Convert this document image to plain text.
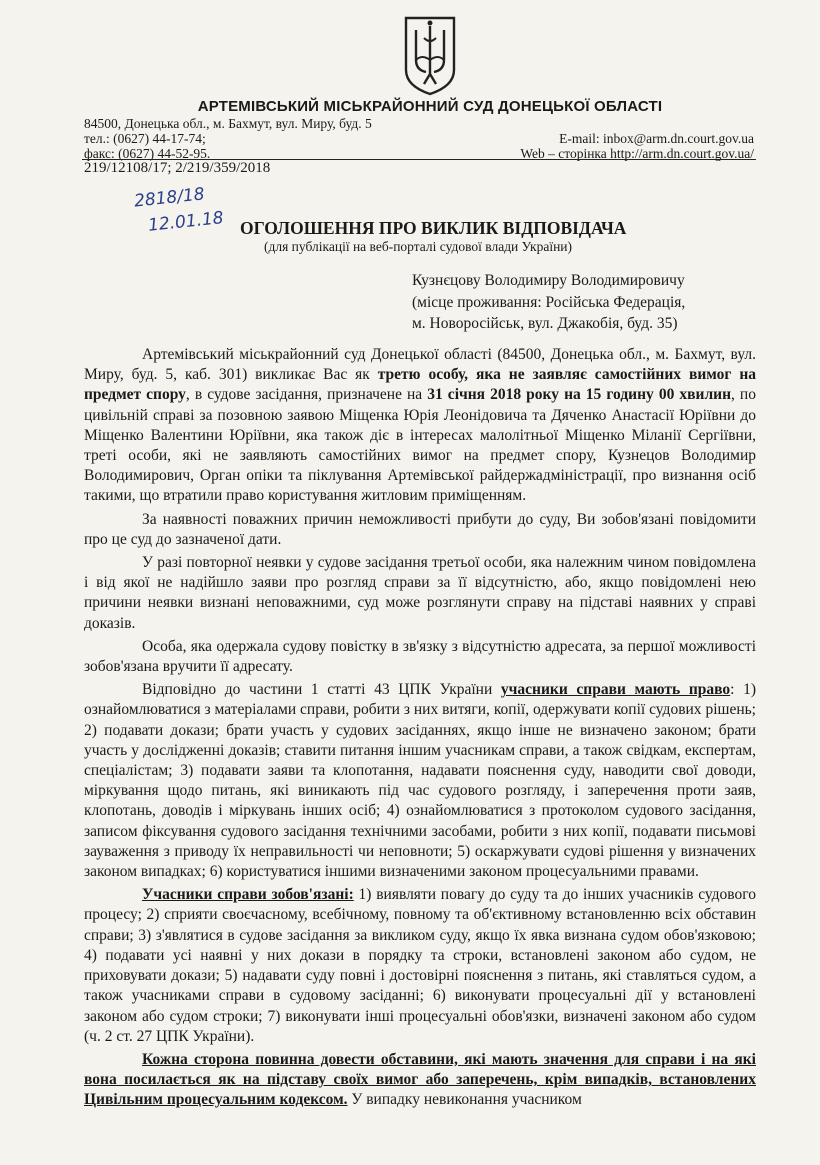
АРТЕМІВСЬКИЙ МІСЬКРАЙОННИЙ СУД ДОНЕЦЬКОЇ ОБЛАСТІ
84500, Донецька обл., м. Бахмут, вул. Миру, буд. 5
тел.: (0627) 44-17-74;
факс: (0627) 44-52-95.
E-mail: inbox@arm.dn.court.gov.ua
Web – сторінка http://arm.dn.court.gov.ua/
219/12108/17; 2/219/359/2018
2818/18
12.01.18 ОГОЛОШЕННЯ ПРО ВИКЛИК ВІДПОВІДАЧА
(для публікації на веб-порталі судової влади України)
Кузнєцову Володимиру Володимировичу
(місце проживання: Російська Федерація,
м. Новоросійськ, вул. Джакобія, буд. 35)

Артемівський міськрайонний суд Донецької області (84500, Донецька обл., м. Бахмут, вул. Миру, буд. 5, каб. 301) викликає Вас як третю особу, яка не заявляє самостійних вимог на предмет спору, в судове засідання, призначене на 31 січня 2018 року на 15 годину 00 хвилин, по цивільній справі за позовною заявою Міщенка Юрія Леонідовича та Дяченко Анастасії Юріївни до Міщенко Валентини Юріївни, яка також діє в інтересах малолітньої Міщенко Міланії Сергіївни, треті особи, які не заявляють самостійних вимог на предмет спору, Кузнецов Володимир Володимирович, Орган опіки та піклування Артемівської райдержадміністрації, про визнання осіб такими, що втратили право користування житловим приміщенням.

За наявності поважних причин неможливості прибути до суду, Ви зобов'язані повідомити про це суд до зазначеної дати.

У разі повторної неявки у судове засідання третьої особи, яка належним чином повідомлена і від якої не надійшло заяви про розгляд справи за її відсутністю, або, якщо повідомлені нею причини неявки визнані неповажними, суд може розглянути справу на підставі наявних у справі доказів.

Особа, яка одержала судову повістку в зв'язку з відсутністю адресата, за першої можливості зобов'язана вручити її адресату.

Відповідно до частини 1 статті 43 ЦПК України учасники справи мають право: 1) ознайомлюватися з матеріалами справи, робити з них витяги, копії, одержувати копії судових рішень; 2) подавати докази; брати участь у судових засіданнях, якщо інше не визначено законом; брати участь у дослідженні доказів; ставити питання іншим учасникам справи, а також свідкам, експертам, спеціалістам; 3) подавати заяви та клопотання, надавати пояснення суду, наводити свої доводи, міркування щодо питань, які виникають під час судового розгляду, і заперечення проти заяв, клопотань, доводів і міркувань інших осіб; 4) ознайомлюватися з протоколом судового засідання, записом фіксування судового засідання технічними засобами, робити з них копії, подавати письмові зауваження з приводу їх неправильності чи неповноти; 5) оскаржувати судові рішення у визначених законом випадках; 6) користуватися іншими визначеними законом процесуальними правами.

Учасники справи зобов'язані: 1) виявляти повагу до суду та до інших учасників судового процесу; 2) сприяти своєчасному, всебічному, повному та об'єктивному встановленню всіх обставин справи; 3) з'являтися в судове засідання за викликом суду, якщо їх явка визнана судом обов'язковою; 4) подавати усі наявні у них докази в порядку та строки, встановлені законом або судом, не приховувати докази; 5) надавати суду повні і достовірні пояснення з питань, які ставляться судом, а також учасниками справи в судовому засіданні; 6) виконувати процесуальні дії у встановлені законом або судом строки; 7) виконувати інші процесуальні обов'язки, визначені законом або судом (ч. 2 ст. 27 ЦПК України).

Кожна сторона повинна довести обставини, які мають значення для справи і на які вона посилається як на підставу своїх вимог або заперечень, крім випадків, встановлених Цивільним процесуальним кодексом. У випадку невиконання учасником
